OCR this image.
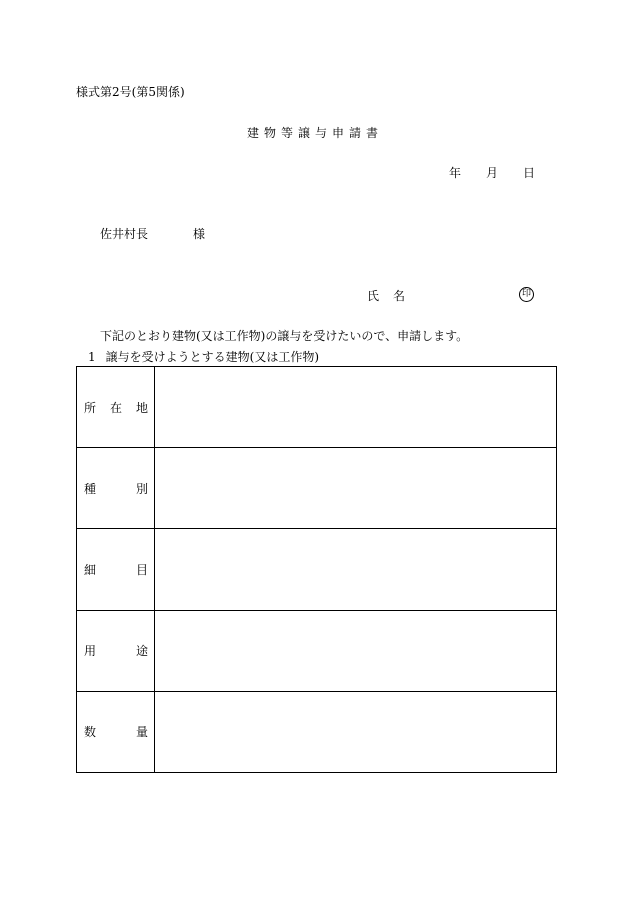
様式第2号(第5関係)
建物等譲与申請書
年 月 日
佐井村長	様
氏 名	印
下記のとおり建物(又は工作物)の譲与を受けたいので、申請します。
1 譲与を受けようとする建物(又は工作物)
所 在 地	

種 別	

細 目	

用 途	

数 量	
